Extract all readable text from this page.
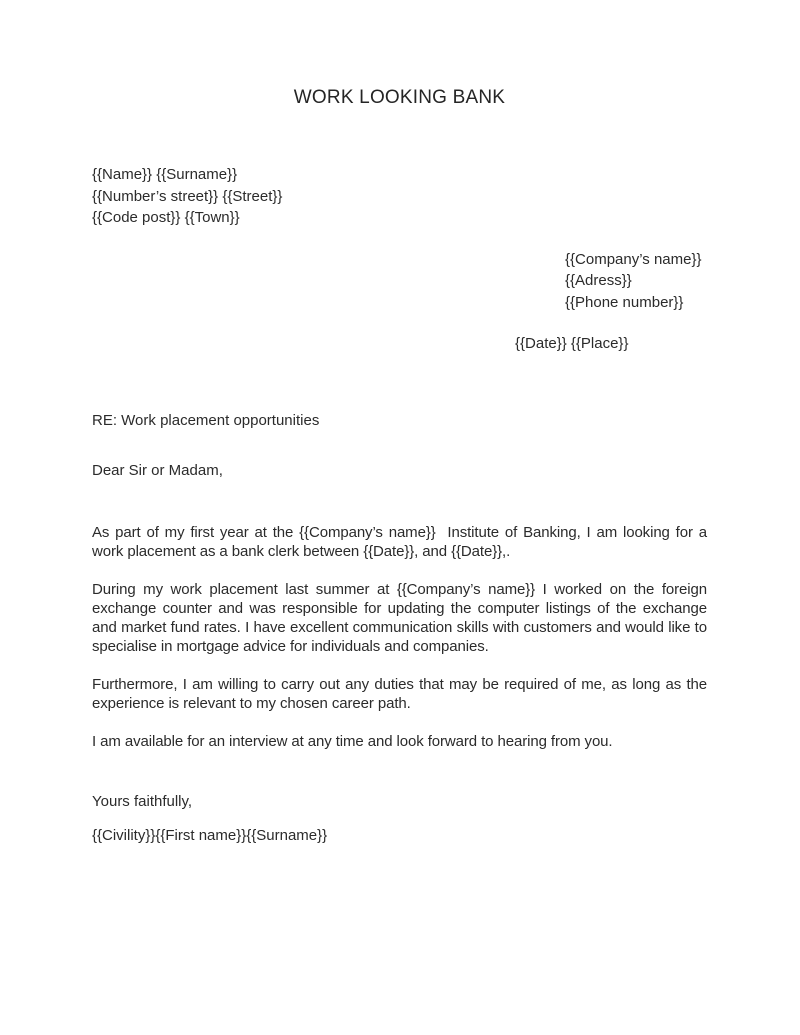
WORK LOOKING BANK
{{Name}} {{Surname}}
{{Number’s street}} {{Street}}
{{Code post}} {{Town}}
{{Company’s name}}
{{Adress}}
{{Phone number}}
{{Date}} {{Place}}
RE: Work placement opportunities
Dear Sir or Madam,

As part of my first year at the {{Company’s name}}  Institute of Banking, I am looking for a work placement as a bank clerk between {{Date}}, and {{Date}},.

During my work placement last summer at {{Company’s name}} I worked on the foreign exchange counter and was responsible for updating the computer listings of the exchange and market fund rates. I have excellent communication skills with customers and would like to specialise in mortgage advice for individuals and companies.

Furthermore, I am willing to carry out any duties that may be required of me, as long as the experience is relevant to my chosen career path.

I am available for an interview at any time and look forward to hearing from you.

Yours faithfully,
{{Civility}}{{First name}}{{Surname}}
